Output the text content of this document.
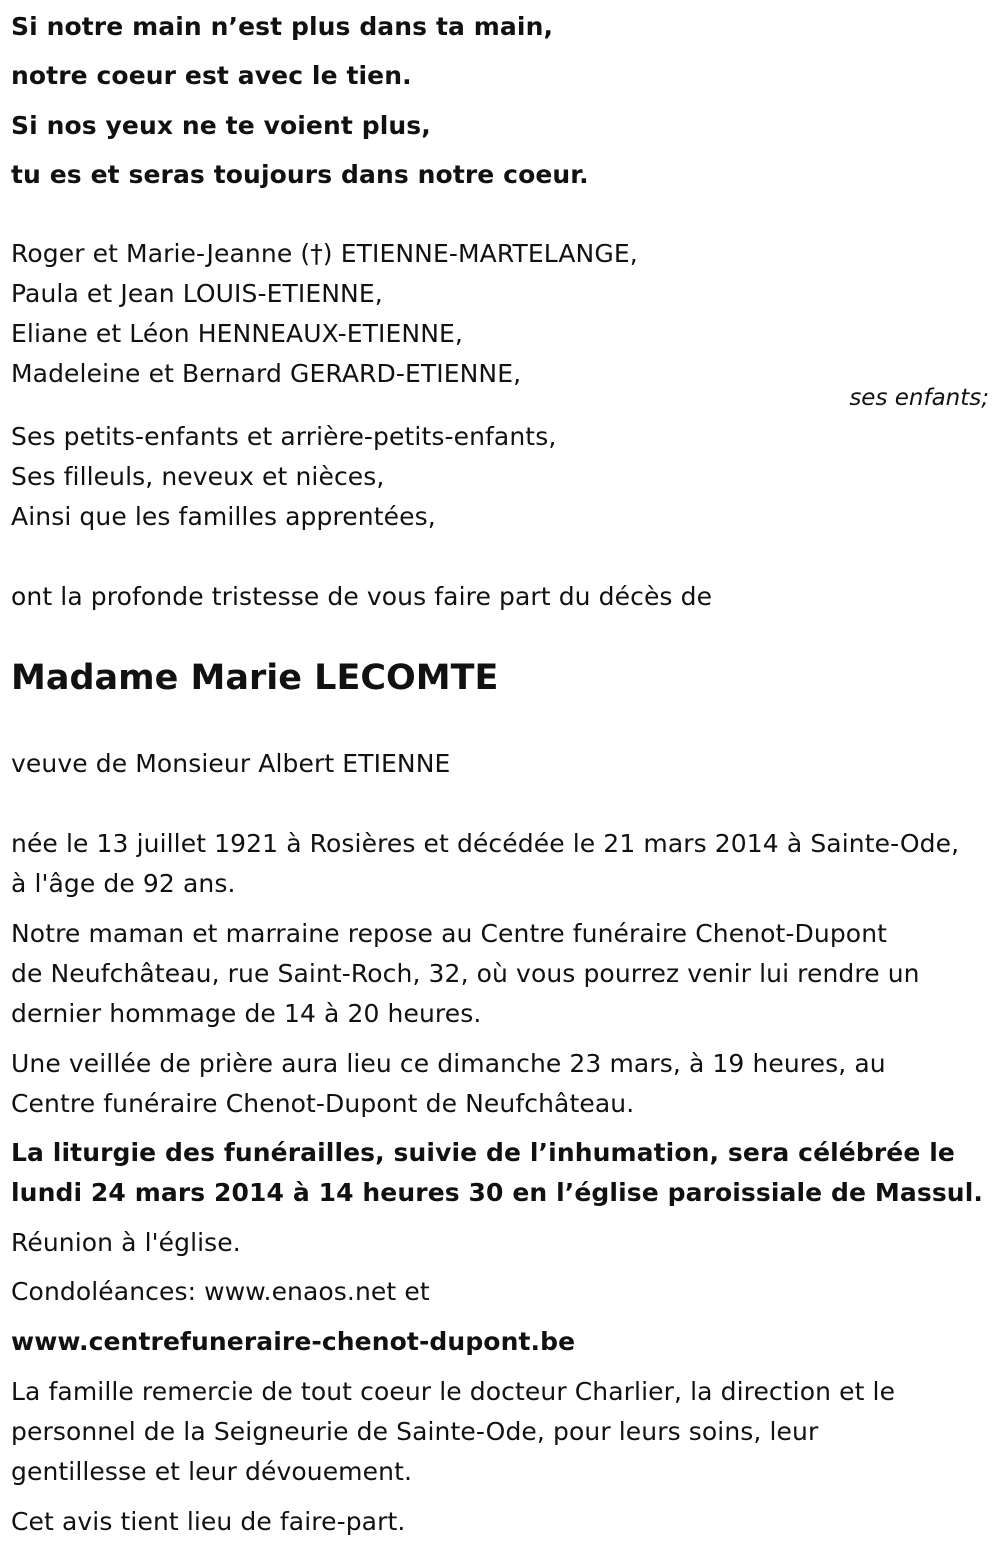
Si notre main n’est plus dans ta main,
notre coeur est avec le tien.
Si nos yeux ne te voient plus,
tu es et seras toujours dans notre coeur.
Roger et Marie-Jeanne (†) ETIENNE-MARTELANGE,
Paula et Jean LOUIS-ETIENNE,
Eliane et Léon HENNEAUX-ETIENNE,
Madeleine et Bernard GERARD-ETIENNE,
ses enfants;
Ses petits-enfants et arrière-petits-enfants,
Ses filleuls, neveux et nièces,
Ainsi que les familles apprentées,
ont la profonde tristesse de vous faire part du décès de
Madame Marie LECOMTE
veuve de Monsieur Albert ETIENNE
née le 13 juillet 1921 à Rosières et décédée le 21 mars 2014 à Sainte-Ode,
à l'âge de 92 ans.
Notre maman et marraine repose au Centre funéraire Chenot-Dupont
de Neufchâteau, rue Saint-Roch, 32, où vous pourrez venir lui rendre un
dernier hommage de 14 à 20 heures.
Une veillée de prière aura lieu ce dimanche 23 mars, à 19 heures, au
Centre funéraire Chenot-Dupont de Neufchâteau.
La liturgie des funérailles, suivie de l’inhumation, sera célébrée le
lundi 24 mars 2014 à 14 heures 30 en l’église paroissiale de Massul.
Réunion à l'église.
Condoléances: www.enaos.net et
www.centrefuneraire-chenot-dupont.be
La famille remercie de tout coeur le docteur Charlier, la direction et le
personnel de la Seigneurie de Sainte-Ode, pour leurs soins, leur
gentillesse et leur dévouement.
Cet avis tient lieu de faire-part.
